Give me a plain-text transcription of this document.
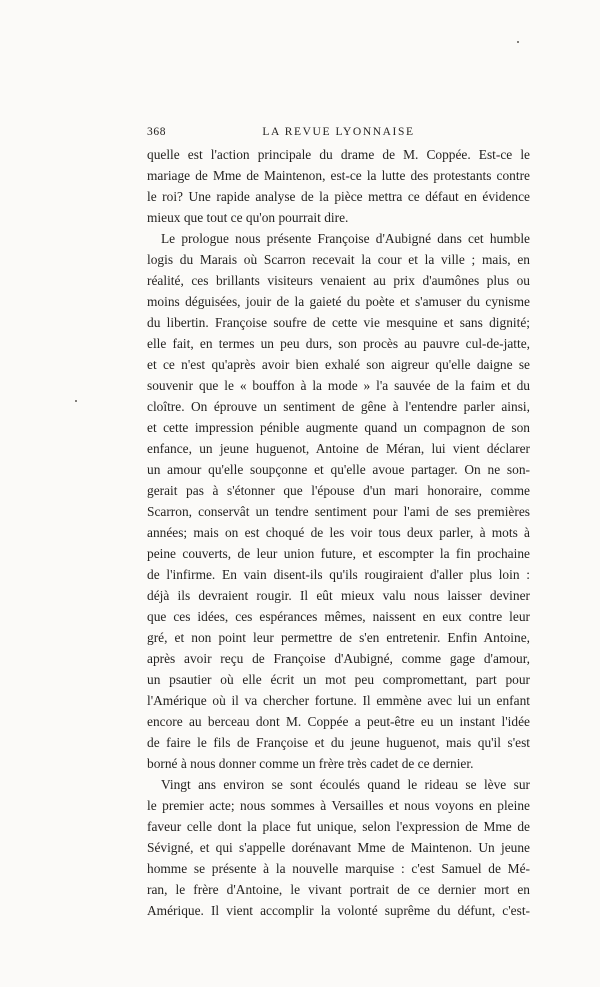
368	LA REVUE LYONNAISE
quelle est l'action principale du drame de M. Coppée. Est-ce le
mariage de Mme de Maintenon, est-ce la lutte des protestants contre
le roi? Une rapide analyse de la pièce mettra ce défaut en évidence
mieux que tout ce qu'on pourrait dire.
Le prologue nous présente Françoise d'Aubigné dans cet humble
logis du Marais où Scarron recevait la cour et la ville ; mais, en
réalité, ces brillants visiteurs venaient au prix d'aumônes plus ou
moins déguisées, jouir de la gaieté du poète et s'amuser du cynisme
du libertin. Françoise soufre de cette vie mesquine et sans dignité;
elle fait, en termes un peu durs, son procès au pauvre cul-de-jatte,
et ce n'est qu'après avoir bien exhalé son aigreur qu'elle daigne se
souvenir que le « bouffon à la mode » l'a sauvée de la faim et du
cloître. On éprouve un sentiment de gêne à l'entendre parler ainsi,
et cette impression pénible augmente quand un compagnon de son
enfance, un jeune huguenot, Antoine de Méran, lui vient déclarer
un amour qu'elle soupçonne et qu'elle avoue partager. On ne son-
gerait pas à s'étonner que l'épouse d'un mari honoraire, comme
Scarron, conservât un tendre sentiment pour l'ami de ses premières
années; mais on est choqué de les voir tous deux parler, à mots à
peine couverts, de leur union future, et escompter la fin prochaine
de l'infirme. En vain disent-ils qu'ils rougiraient d'aller plus loin :
déjà ils devraient rougir. Il eût mieux valu nous laisser deviner
que ces idées, ces espérances mêmes, naissent en eux contre leur
gré, et non point leur permettre de s'en entretenir. Enfin Antoine,
après avoir reçu de Françoise d'Aubigné, comme gage d'amour,
un psautier où elle écrit un mot peu compromettant, part pour
l'Amérique où il va chercher fortune. Il emmène avec lui un enfant
encore au berceau dont M. Coppée a peut-être eu un instant l'idée
de faire le fils de Françoise et du jeune huguenot, mais qu'il s'est
borné à nous donner comme un frère très cadet de ce dernier.
Vingt ans environ se sont écoulés quand le rideau se lève sur
le premier acte; nous sommes à Versailles et nous voyons en pleine
faveur celle dont la place fut unique, selon l'expression de Mme de
Sévigné, et qui s'appelle dorénavant Mme de Maintenon. Un jeune
homme se présente à la nouvelle marquise : c'est Samuel de Mé-
ran, le frère d'Antoine, le vivant portrait de ce dernier mort en
Amérique. Il vient accomplir la volonté suprême du défunt, c'est-
